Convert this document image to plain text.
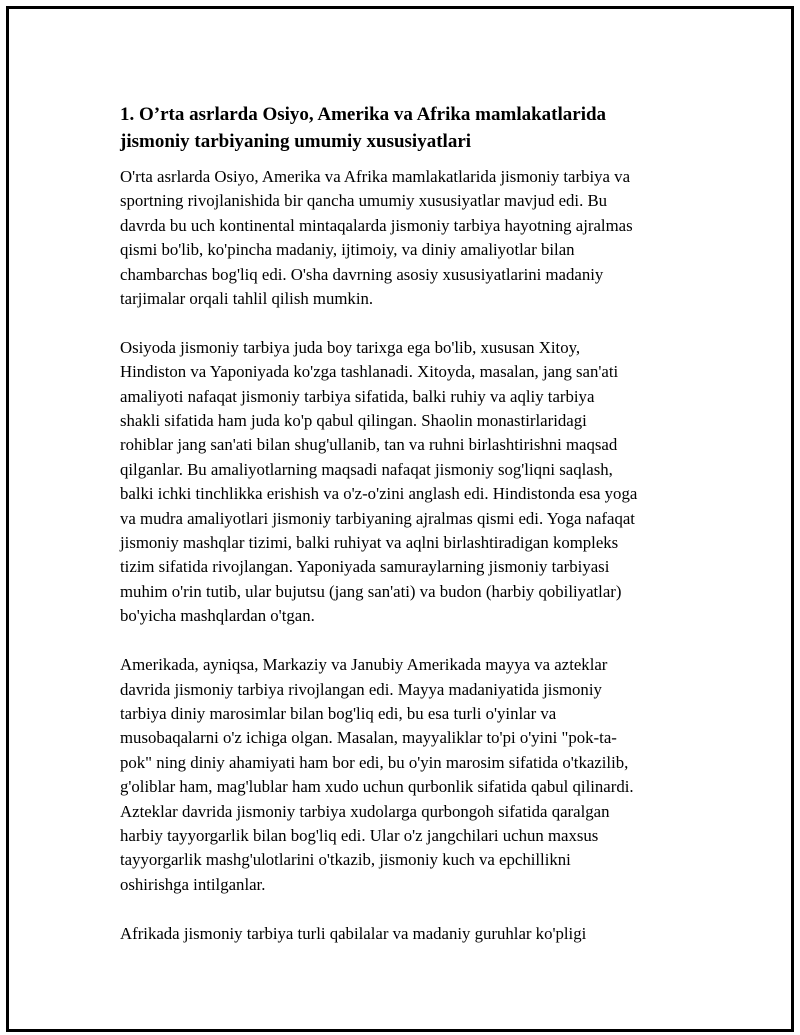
1. O’rta asrlarda Osiyo, Amerika va Afrika mamlakatlarida
jismoniy tarbiyaning umumiy xususiyatlari

O'rta asrlarda Osiyo, Amerika va Afrika mamlakatlarida jismoniy tarbiya va
sportning rivojlanishida bir qancha umumiy xususiyatlar mavjud edi. Bu
davrda bu uch kontinental mintaqalarda jismoniy tarbiya hayotning ajralmas
qismi bo'lib, ko'pincha madaniy, ijtimoiy, va diniy amaliyotlar bilan
chambarchas bog'liq edi. O'sha davrning asosiy xususiyatlarini madaniy
tarjimalar orqali tahlil qilish mumkin.

Osiyoda jismoniy tarbiya juda boy tarixga ega bo'lib, xususan Xitoy,
Hindiston va Yaponiyada ko'zga tashlanadi. Xitoyda, masalan, jang san'ati
amaliyoti nafaqat jismoniy tarbiya sifatida, balki ruhiy va aqliy tarbiya
shakli sifatida ham juda ko'p qabul qilingan. Shaolin monastirlaridagi
rohiblar jang san'ati bilan shug'ullanib, tan va ruhni birlashtirishni maqsad
qilganlar. Bu amaliyotlarning maqsadi nafaqat jismoniy sog'liqni saqlash,
balki ichki tinchlikka erishish va o'z-o'zini anglash edi. Hindistonda esa yoga
va mudra amaliyotlari jismoniy tarbiyaning ajralmas qismi edi. Yoga nafaqat
jismoniy mashqlar tizimi, balki ruhiyat va aqlni birlashtiradigan kompleks
tizim sifatida rivojlangan. Yaponiyada samuraylarning jismoniy tarbiyasi
muhim o'rin tutib, ular bujutsu (jang san'ati) va budon (harbiy qobiliyatlar)
bo'yicha mashqlardan o'tgan.

Amerikada, ayniqsa, Markaziy va Janubiy Amerikada mayya va azteklar
davrida jismoniy tarbiya rivojlangan edi. Mayya madaniyatida jismoniy
tarbiya diniy marosimlar bilan bog'liq edi, bu esa turli o'yinlar va
musobaqalarni o'z ichiga olgan. Masalan, mayyaliklar to'pi o'yini "pok-ta-
pok" ning diniy ahamiyati ham bor edi, bu o'yin marosim sifatida o'tkazilib,
g'oliblar ham, mag'lublar ham xudo uchun qurbonlik sifatida qabul qilinardi.
Azteklar davrida jismoniy tarbiya xudolarga qurbongoh sifatida qaralgan
harbiy tayyorgarlik bilan bog'liq edi. Ular o'z jangchilari uchun maxsus
tayyorgarlik mashg'ulotlarini o'tkazib, jismoniy kuch va epchillikni
oshirishga intilganlar.

Afrikada jismoniy tarbiya turli qabilalar va madaniy guruhlar ko'pligi
